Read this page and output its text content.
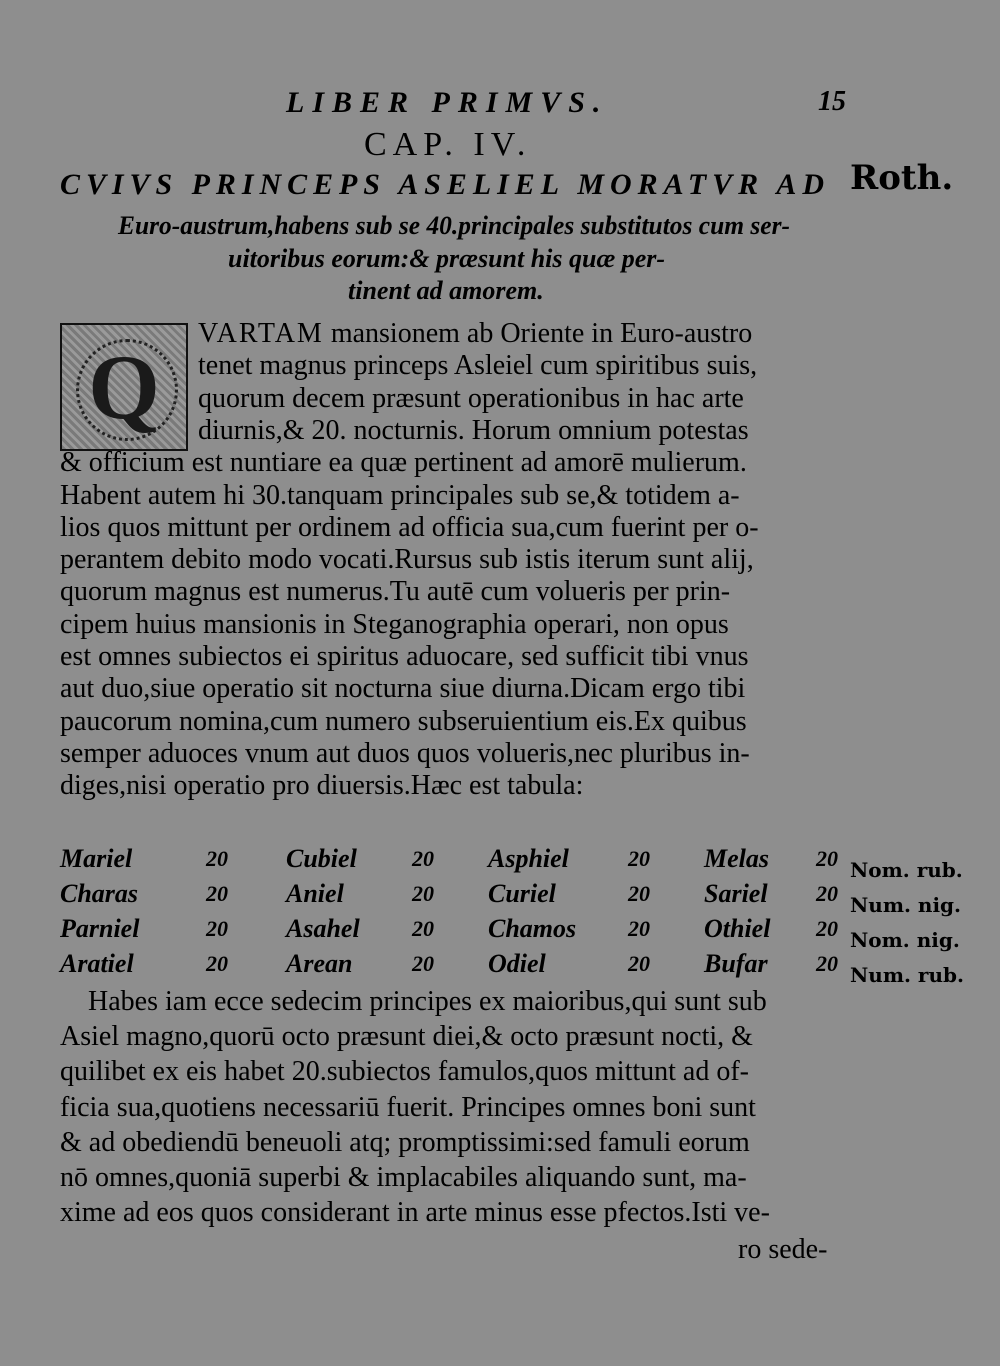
LIBER PRIMVS.	15
CAP. IV.
CVIVS PRINCEPS ASELIEL MORATVR AD Roth.
Euro-austrum,habens sub se 40.principales substitutos cum ser-
uitoribus eorum:& præsunt his quæ per-
tinent ad amorem.
Q
VARTAM mansionem ab Oriente in Euro-austro
tenet magnus princeps Asleiel cum spiritibus suis,
quorum decem præsunt operationibus in hac arte
diurnis,& 20. nocturnis. Horum omnium potestas
& officium est nuntiare ea quæ pertinent ad amorē mulierum.
Habent autem hi 30.tanquam principales sub se,& totidem a-
lios quos mittunt per ordinem ad officia sua,cum fuerint per o-
perantem debito modo vocati.Rursus sub istis iterum sunt alij,
quorum magnus est numerus.Tu autē cum volueris per prin-
cipem huius mansionis in Steganographia operari, non opus
est omnes subiectos ei spiritus aduocare, sed sufficit tibi vnus
aut duo,siue operatio sit nocturna siue diurna.Dicam ergo tibi
paucorum nomina,cum numero subseruientium eis.Ex quibus
semper aduoces vnum aut duos quos volueris,nec pluribus in-
diges,nisi operatio pro diuersis.Hæc est tabula:
Mariel	20 Cubiel	20 Asphiel	20 Melas 20 Nom. rub.
Charas	20 Aniel	20 Curiel	20 Sariel 20 Num. nig.
Parniel	20 Asahel 20 Chamos 20 Othiel 20 Nom. nig.
Aratiel	20 Arean	20 Odiel	20 Bufar 20 Num. rub.
Habes iam ecce sedecim principes ex maioribus,qui sunt sub
Asiel magno,quorū octo præsunt diei,& octo præsunt nocti, &
quilibet ex eis habet 20.subiectos famulos,quos mittunt ad of-
ficia sua,quotiens necessariū fuerit. Principes omnes boni sunt
& ad obediendū beneuoli atq; promptissimi:sed famuli eorum
nō omnes,quoniā superbi & implacabiles aliquando sunt, ma-
xime ad eos quos considerant in arte minus esse pfectos.Isti ve-
ro sede-
